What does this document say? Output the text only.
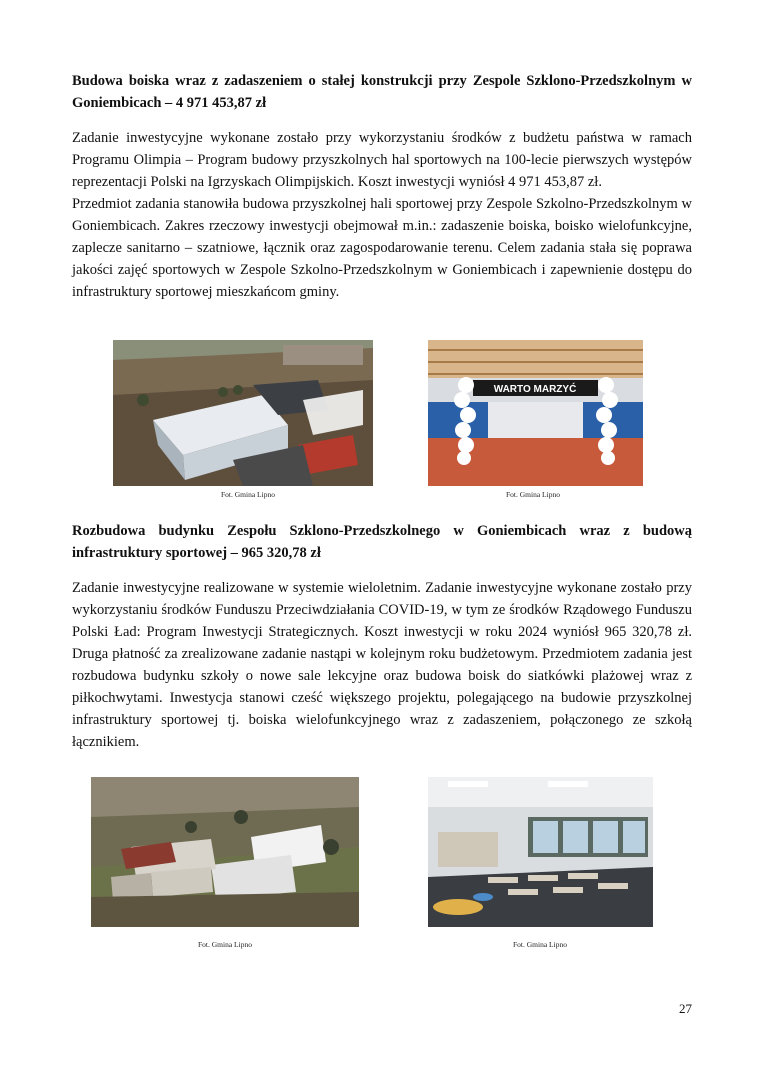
Budowa boiska wraz z zadaszeniem o stałej konstrukcji przy Zespole Szklono-Przedszkolnym w Goniembicach – 4 971 453,87 zł

Zadanie inwestycyjne wykonane zostało przy wykorzystaniu środków z budżetu państwa w ramach Programu Olimpia – Program budowy przyszkolnych hal sportowych na 100-lecie pierwszych występów reprezentacji Polski na Igrzyskach Olimpijskich. Koszt inwestycji wyniósł 4 971 453,87 zł.

Przedmiot zadania stanowiła budowa przyszkolnej hali sportowej przy Zespole Szkolno-Przedszkolnym w Goniembicach. Zakres rzeczowy inwestycji obejmował m.in.: zadaszenie boiska, boisko wielofunkcyjne, zaplecze sanitarno – szatniowe, łącznik oraz zagospodarowanie terenu. Celem zadania stała się poprawa jakości zajęć sportowych w Zespole Szkolno-Przedszkolnym w Goniembicach i zapewnienie dostępu do infrastruktury sportowej mieszkańcom gminy.

Fot. Gmina Lipno
WARTO MARZYĆ
Fot. Gmina Lipno
Rozbudowa budynku Zespołu Szklono-Przedszkolnego w Goniembicach wraz z budową infrastruktury sportowej – 965 320,78 zł

Zadanie inwestycyjne realizowane w systemie wieloletnim. Zadanie inwestycyjne wykonane zostało przy wykorzystaniu środków Funduszu Przeciwdziałania COVID-19, w tym ze środków Rządowego Funduszu Polski Ład: Program Inwestycji Strategicznych. Koszt inwestycji w roku 2024 wyniósł 965 320,78 zł. Druga płatność za zrealizowane zadanie nastąpi w kolejnym roku budżetowym. Przedmiotem zadania jest rozbudowa budynku szkoły o nowe sale lekcyjne oraz budowa boisk do siatkówki plażowej wraz z piłkochwytami. Inwestycja stanowi cześć większego projektu, polegającego na budowie przyszkolnej infrastruktury sportowej tj. boiska wielofunkcyjnego wraz z zadaszeniem, połączonego ze szkołą łącznikiem.

Fot. Gmina Lipno	Fot. Gmina Lipno
27
